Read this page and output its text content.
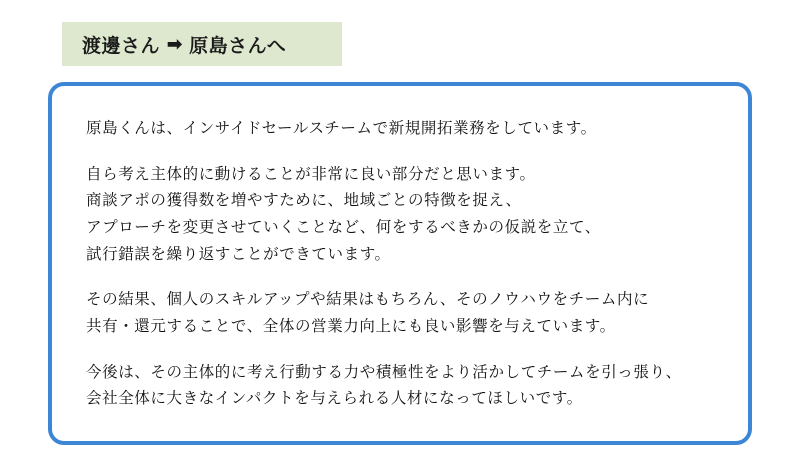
渡邊さん ➡ 原島さんへ

原島くんは、インサイドセールスチームで新規開拓業務をしています。

自ら考え主体的に動けることが非常に良い部分だと思います。
商談アポの獲得数を増やすために、地域ごとの特徴を捉え、
アプローチを変更させていくことなど、何をするべきかの仮説を立て、
試行錯誤を繰り返すことができています。

その結果、個人のスキルアップや結果はもちろん、そのノウハウをチーム内に
共有・還元することで、全体の営業力向上にも良い影響を与えています。

今後は、その主体的に考え行動する力や積極性をより活かしてチームを引っ張り、
会社全体に大きなインパクトを与えられる人材になってほしいです。
